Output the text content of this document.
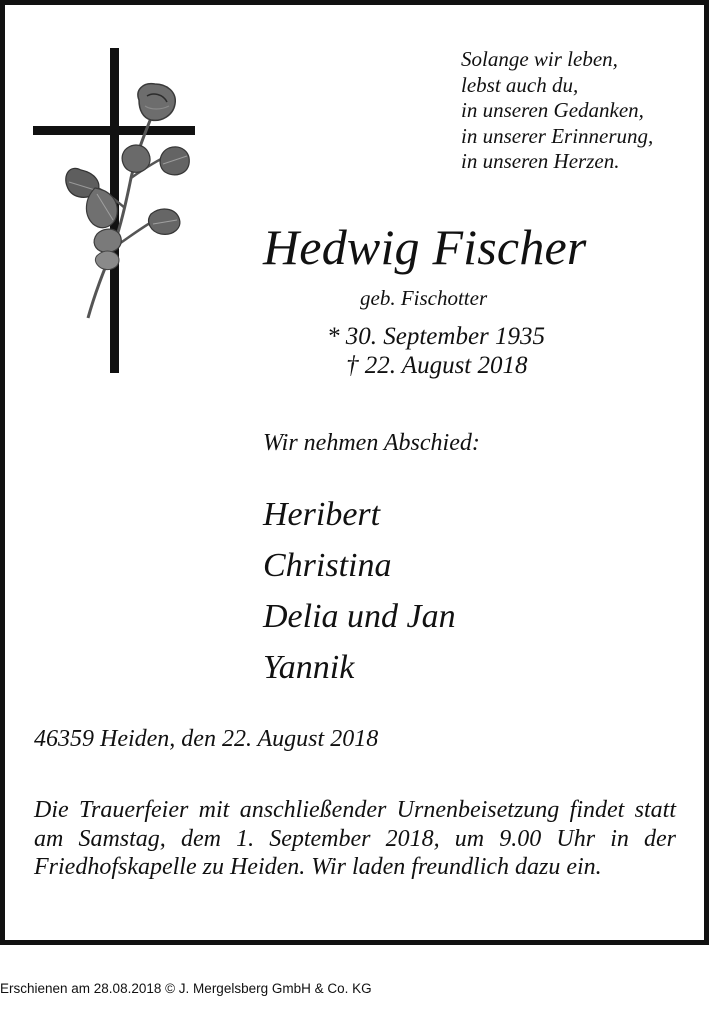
Solange wir leben,
lebst auch du,
in unseren Gedanken,
in unserer Erinnerung,
in unseren Herzen.
Hedwig Fischer
geb. Fischotter
* 30. September 1935
† 22. August 2018
Wir nehmen Abschied:
Heribert
Christina
Delia und Jan
Yannik
46359 Heiden, den 22. August 2018
Die Trauerfeier mit anschließender Urnenbeisetzung findet statt am Samstag, dem 1. September 2018, um 9.00 Uhr in der Friedhofskapelle zu Heiden. Wir laden freundlich dazu ein.
Erschienen am 28.08.2018 © J. Mergelsberg GmbH & Co. KG
